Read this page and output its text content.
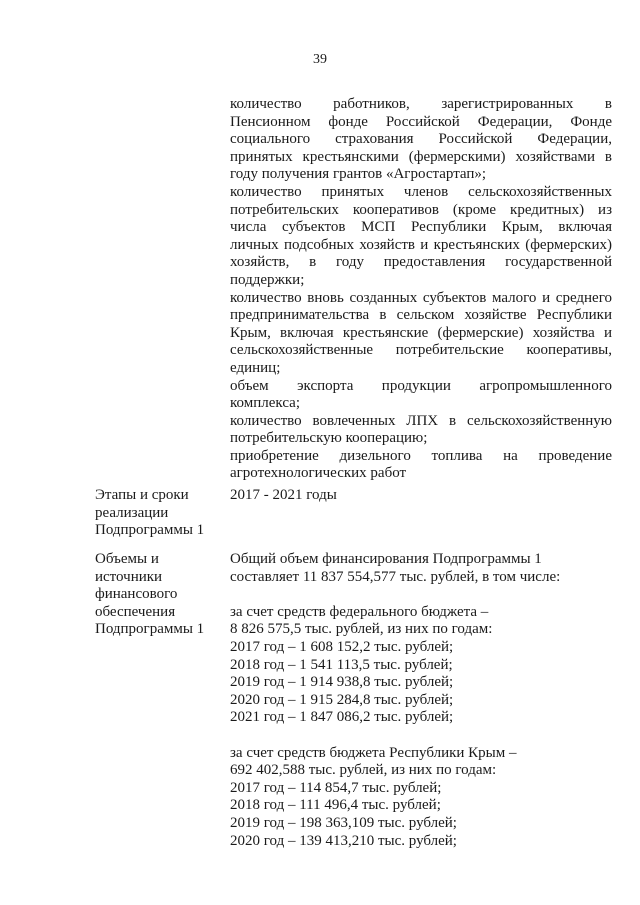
39
количество работников, зарегистрированных в
Пенсионном фонде Российской Федерации, Фонде
социального страхования Российской Федерации,
принятых крестьянскими (фермерскими) хозяйствами в
году получения грантов «Агростартап»;
количество принятых членов сельскохозяйственных
потребительских кооперативов (кроме кредитных) из
числа субъектов МСП Республики Крым, включая
личных подсобных хозяйств и крестьянских (фермерских)
хозяйств, в году предоставления государственной
поддержки;
количество вновь созданных субъектов малого и среднего
предпринимательства в сельском хозяйстве Республики
Крым, включая крестьянские (фермерские) хозяйства и
сельскохозяйственные потребительские кооперативы,
единиц;
объем экспорта продукции агропромышленного
комплекса;
количество вовлеченных ЛПХ в сельскохозяйственную
потребительскую кооперацию;
приобретение дизельного топлива на проведение
агротехнологических работ
Этапы и сроки
реализации
Подпрограммы 1
2017 - 2021 годы
Объемы и
источники
финансового
обеспечения
Подпрограммы 1
Общий объем финансирования Подпрограммы 1
составляет 11 837 554,577 тыс. рублей, в том числе:
за счет средств федерального бюджета –
8 826 575,5 тыс. рублей, из них по годам:
2017 год – 1 608 152,2 тыс. рублей;
2018 год – 1 541 113,5 тыс. рублей;
2019 год – 1 914 938,8 тыс. рублей;
2020 год – 1 915 284,8 тыс. рублей;
2021 год – 1 847 086,2 тыс. рублей;
за счет средств бюджета Республики Крым –
692 402,588 тыс. рублей, из них по годам:
2017 год – 114 854,7 тыс. рублей;
2018 год – 111 496,4 тыс. рублей;
2019 год – 198 363,109 тыс. рублей;
2020 год – 139 413,210 тыс. рублей;
